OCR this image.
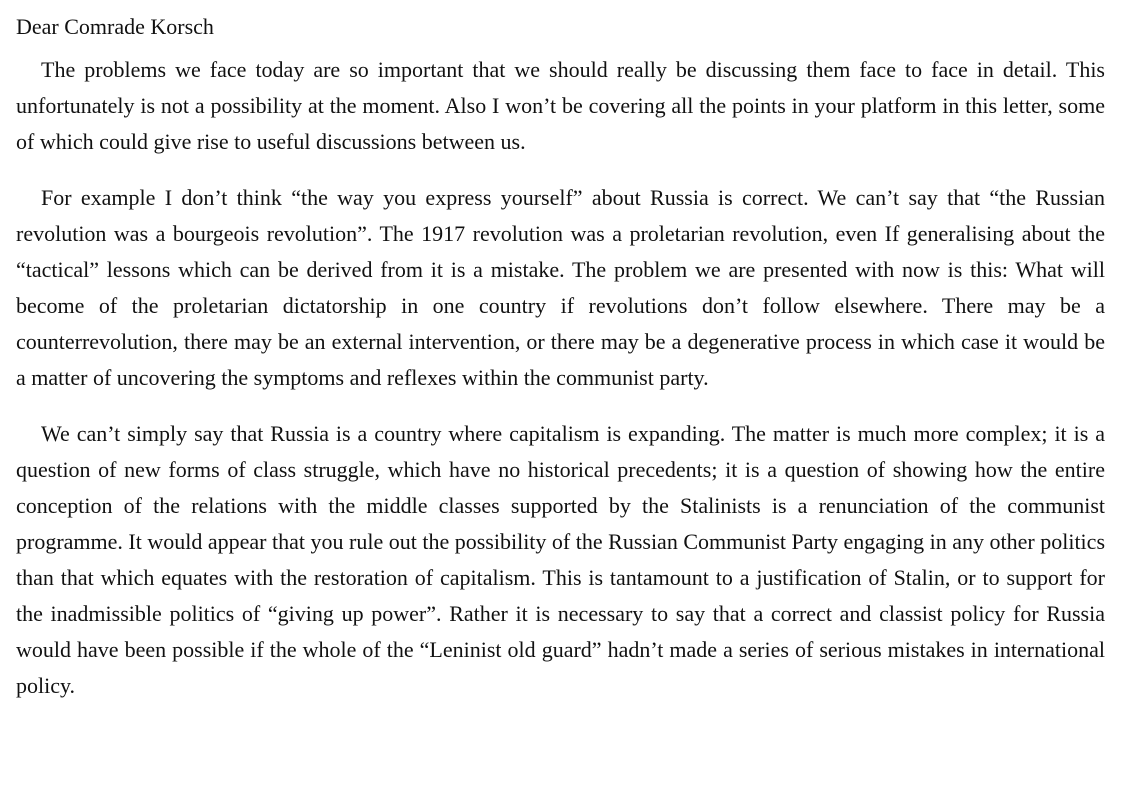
Dear Comrade Korsch

The problems we face today are so important that we should really be discussing them face to face in detail. This unfortunately is not a possibility at the moment. Also I won’t be covering all the points in your platform in this letter, some of which could give rise to useful discussions between us.

For example I don’t think “the way you express yourself” about Russia is correct. We can’t say that “the Russian revolution was a bourgeois revolution”. The 1917 revolution was a proletarian revolution, even If generalising about the “tactical” lessons which can be derived from it is a mistake. The problem we are presented with now is this: What will become of the proletarian dictatorship in one country if revolutions don’t follow elsewhere. There may be a counterrevolution, there may be an external intervention, or there may be a degenerative process in which case it would be a matter of uncovering the symptoms and reflexes within the communist party.

We can’t simply say that Russia is a country where capitalism is expanding. The matter is much more complex; it is a question of new forms of class struggle, which have no historical precedents; it is a question of showing how the entire conception of the relations with the middle classes supported by the Stalinists is a renunciation of the communist programme. It would appear that you rule out the possibility of the Russian Communist Party engaging in any other politics than that which equates with the restoration of capitalism. This is tantamount to a justification of Stalin, or to support for the inadmissible politics of “giving up power”. Rather it is necessary to say that a correct and classist policy for Russia would have been possible if the whole of the “Leninist old guard” hadn’t made a series of serious mistakes in international policy.
